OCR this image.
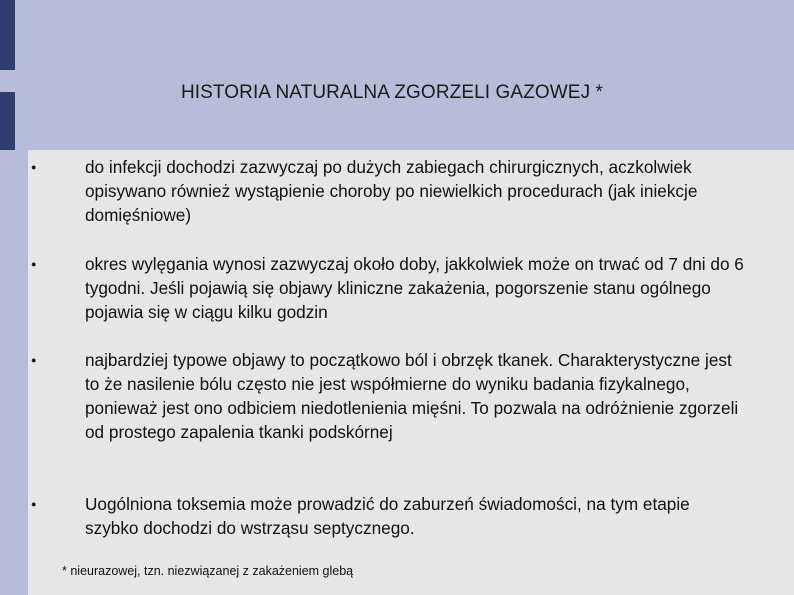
HISTORIA NATURALNA ZGORZELI GAZOWEJ *
●	do infekcji dochodzi zazwyczaj po dużych zabiegach chirurgicznych, aczkolwiek opisywano również wystąpienie choroby po niewielkich procedurach (jak iniekcje domięśniowe)
●	okres wylęgania wynosi zazwyczaj około doby, jakkolwiek może on trwać od 7 dni do 6 tygodni. Jeśli pojawią się objawy kliniczne zakażenia, pogorszenie stanu ogólnego pojawia się w ciągu kilku godzin
●	najbardziej typowe objawy to początkowo ból i obrzęk tkanek. Charakterystyczne jest to że nasilenie bólu często nie jest współmierne do wyniku badania fizykalnego, ponieważ jest ono odbiciem niedotlenienia mięśni. To pozwala na odróżnienie zgorzeli od prostego zapalenia tkanki podskórnej
●	Uogólniona toksemia może prowadzić do zaburzeń świadomości, na tym etapie szybko dochodzi do wstrząsu septycznego.
* nieurazowej, tzn. niezwiązanej z zakażeniem glebą
